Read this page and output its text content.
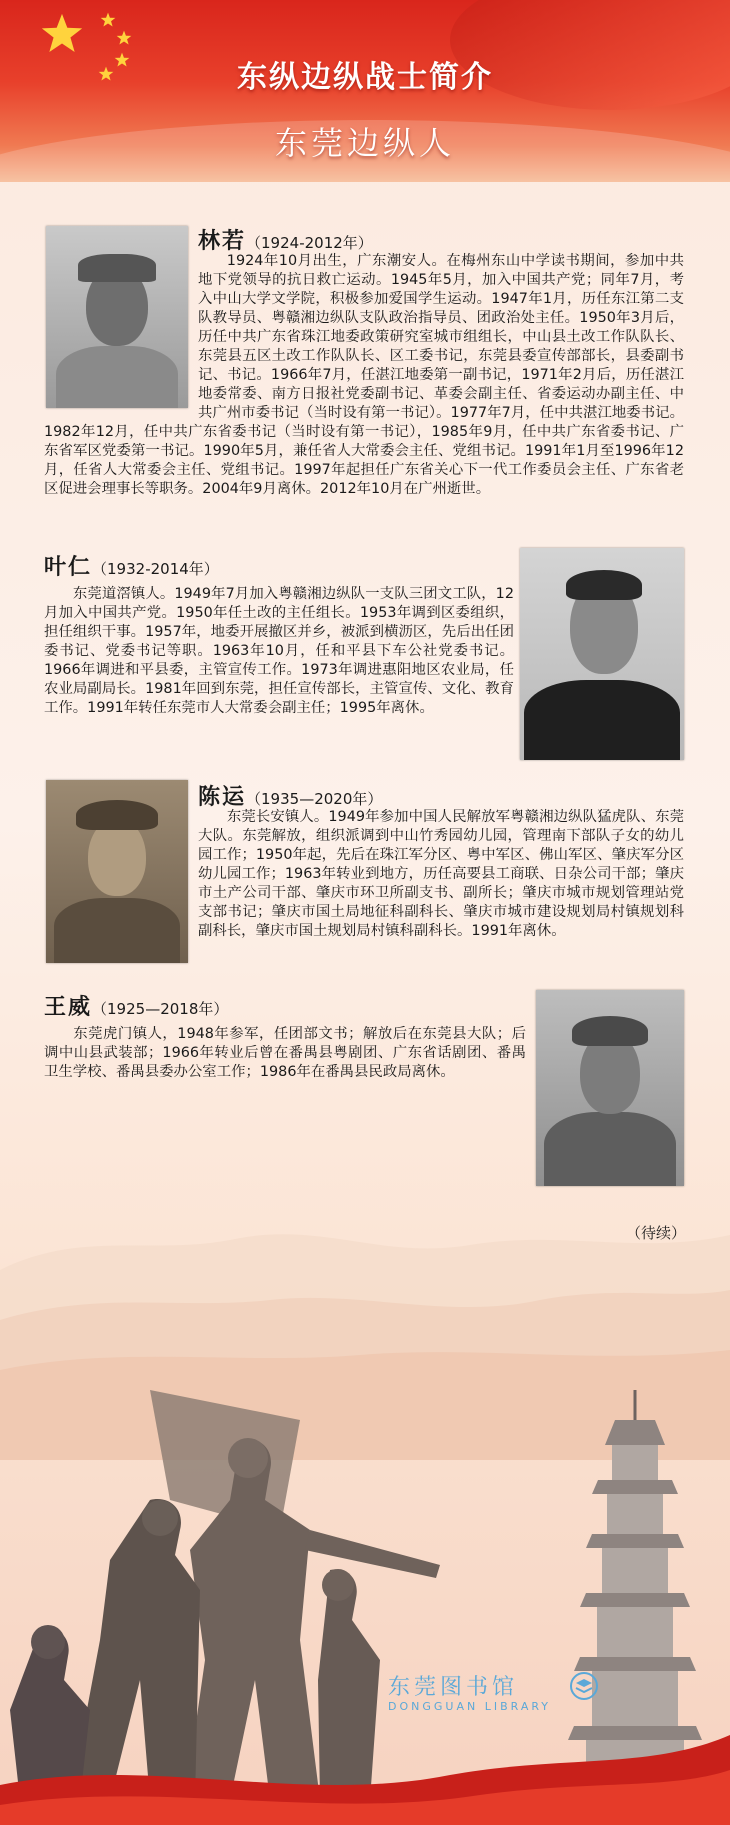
东纵边纵战士简介
东莞边纵人
林若（1924-2012年）
1924年10月出生，广东潮安人。在梅州东山中学读书期间，参加中共地下党领导的抗日救亡运动。1945年5月，加入中国共产党；同年7月，考入中山大学文学院，积极参加爱国学生运动。1947年1月，历任东江第二支队教导员、粤赣湘边纵队支队政治指导员、团政治处主任。1950年3月后，历任中共广东省珠江地委政策研究室城市组组长，中山县土改工作队队长、东莞县五区土改工作队队长、区工委书记，东莞县委宣传部部长，县委副书记、书记。1966年7月，任湛江地委第一副书记，1971年2月后，历任湛江地委常委、南方日报社党委副书记、革委会副主任、省委运动办副主任、中共广州市委书记（当时设有第一书记）。1977年7月，任中共湛江地委书记。1982年12月，任中共广东省委书记（当时设有第一书记），1985年9月，任中共广东省委书记、广东省军区党委第一书记。1990年5月，兼任省人大常委会主任、党组书记。1991年1月至1996年12月，任省人大常委会主任、党组书记。1997年起担任广东省关心下一代工作委员会主任、广东省老区促进会理事长等职务。2004年9月离休。2012年10月在广州逝世。
叶仁（1932-2014年）
东莞道滘镇人。1949年7月加入粤赣湘边纵队一支队三团文工队，12月加入中国共产党。1950年任土改的主任组长。1953年调到区委组织，担任组织干事。1957年，地委开展撤区并乡，被派到横沥区，先后出任团委书记、党委书记等职。1963年10月，任和平县下车公社党委书记。1966年调进和平县委，主管宣传工作。1973年调进惠阳地区农业局，任农业局副局长。1981年回到东莞，担任宣传部长，主管宣传、文化、教育工作。1991年转任东莞市人大常委会副主任；1995年离休。
陈运（1935—2020年）
东莞长安镇人。1949年参加中国人民解放军粤赣湘边纵队猛虎队、东莞大队。东莞解放，组织派调到中山竹秀园幼儿园，管理南下部队子女的幼儿园工作；1950年起，先后在珠江军分区、粤中军区、佛山军区、肇庆军分区幼儿园工作；1963年转业到地方，历任高要县工商联、日杂公司干部；肇庆市土产公司干部、肇庆市环卫所副支书、副所长；肇庆市城市规划管理站党支部书记；肇庆市国土局地征科副科长、肇庆市城市建设规划局村镇规划科副科长，肇庆市国土规划局村镇科副科长。1991年离休。
王威（1925—2018年）
东莞虎门镇人，1948年参军，任团部文书；解放后在东莞县大队；后调中山县武装部；1966年转业后曾在番禺县粤剧团、广东省话剧团、番禺卫生学校、番禺县委办公室工作；1986年在番禺县民政局离休。
（待续）
东莞图书馆
DONGGUAN LIBRARY
